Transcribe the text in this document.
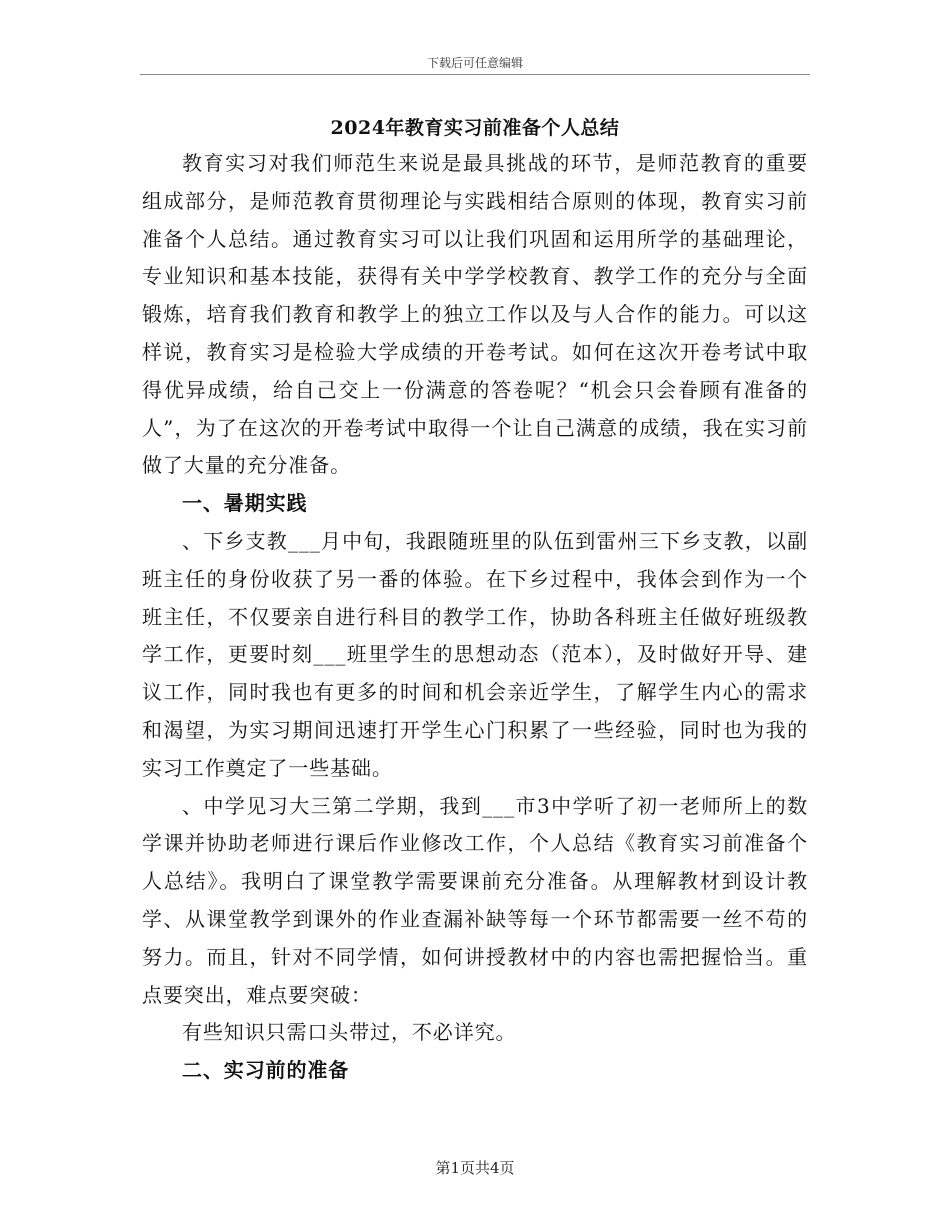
下载后可任意编辑
2024年教育实习前准备个人总结

教育实习对我们师范生来说是最具挑战的环节，是师范教育的重要组成部分，是师范教育贯彻理论与实践相结合原则的体现，教育实习前准备个人总结。通过教育实习可以让我们巩固和运用所学的基础理论，专业知识和基本技能，获得有关中学学校教育、教学工作的充分与全面锻炼，培育我们教育和教学上的独立工作以及与人合作的能力。可以这样说，教育实习是检验大学成绩的开卷考试。如何在这次开卷考试中取得优异成绩，给自己交上一份满意的答卷呢？“机会只会眷顾有准备的人”，为了在这次的开卷考试中取得一个让自己满意的成绩，我在实习前做了大量的充分准备。

一、暑期实践

、下乡支教___月中旬，我跟随班里的队伍到雷州三下乡支教，以副班主任的身份收获了另一番的体验。在下乡过程中，我体会到作为一个班主任，不仅要亲自进行科目的教学工作，协助各科班主任做好班级教学工作，更要时刻___班里学生的思想动态（范本），及时做好开导、建议工作，同时我也有更多的时间和机会亲近学生，了解学生内心的需求和渴望，为实习期间迅速打开学生心门积累了一些经验，同时也为我的实习工作奠定了一些基础。

、中学见习大三第二学期，我到___市3中学听了初一老师所上的数学课并协助老师进行课后作业修改工作，个人总结《教育实习前准备个人总结》。我明白了课堂教学需要课前充分准备。从理解教材到设计教学、从课堂教学到课外的作业查漏补缺等每一个环节都需要一丝不苟的努力。而且，针对不同学情，如何讲授教材中的内容也需把握恰当。重点要突出，难点要突破：

有些知识只需口头带过，不必详究。

二、实习前的准备

第1页共4页
